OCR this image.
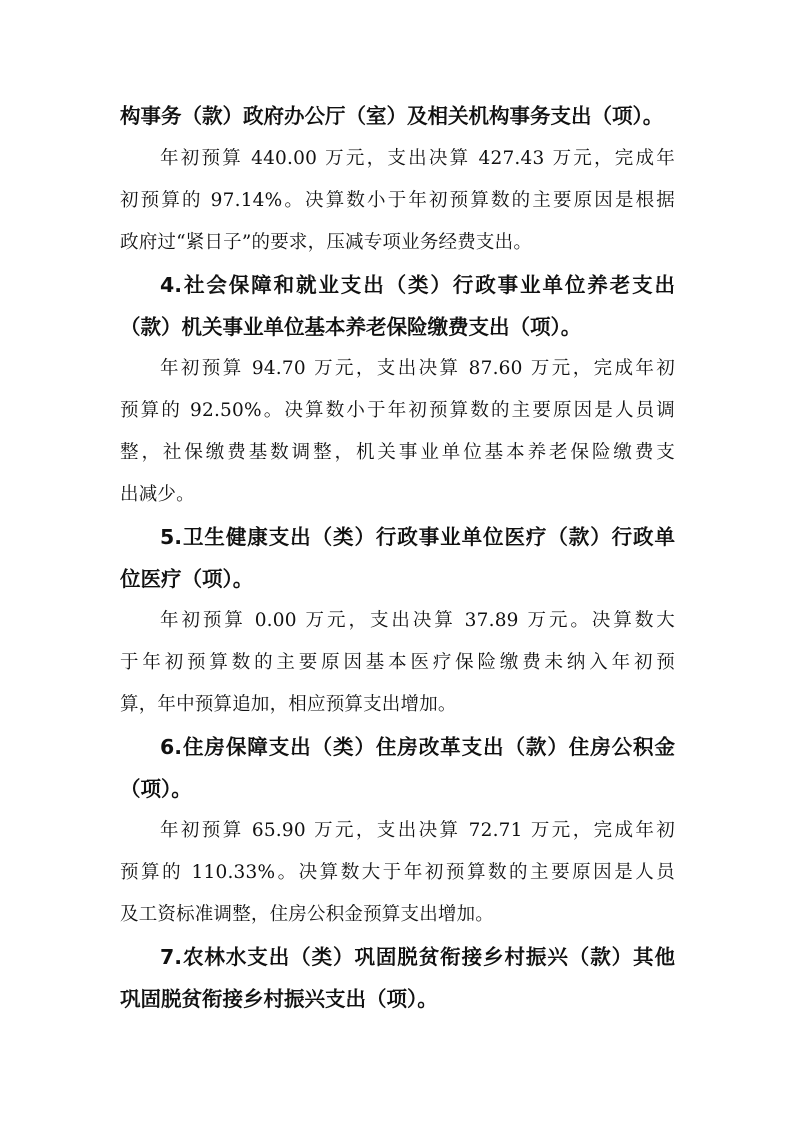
构事务（款）政府办公厅（室）及相关机构事务支出（项）。

年初预算 440.00 万元，支出决算 427.43 万元，完成年

初预算的 97.14%。决算数小于年初预算数的主要原因是根据

政府过“紧日子”的要求，压减专项业务经费支出。

4.社会保障和就业支出（类）行政事业单位养老支出

（款）机关事业单位基本养老保险缴费支出（项）。

年初预算 94.70 万元，支出决算 87.60 万元，完成年初

预算的 92.50%。决算数小于年初预算数的主要原因是人员调

整，社保缴费基数调整，机关事业单位基本养老保险缴费支

出减少。

5.卫生健康支出（类）行政事业单位医疗（款）行政单

位医疗（项）。

年初预算 0.00 万元，支出决算 37.89 万元。决算数大

于年初预算数的主要原因基本医疗保险缴费未纳入年初预

算，年中预算追加，相应预算支出增加。

6.住房保障支出（类）住房改革支出（款）住房公积金

（项）。

年初预算 65.90 万元，支出决算 72.71 万元，完成年初

预算的 110.33%。决算数大于年初预算数的主要原因是人员

及工资标准调整，住房公积金预算支出增加。

7.农林水支出（类）巩固脱贫衔接乡村振兴（款）其他

巩固脱贫衔接乡村振兴支出（项）。
